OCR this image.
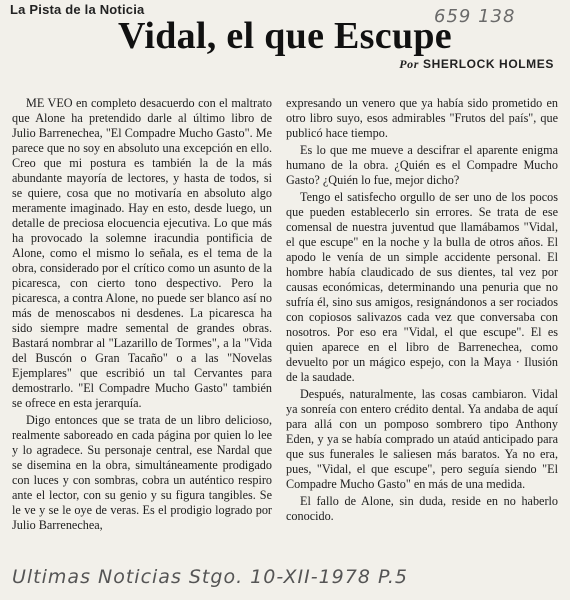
La Pista de la Noticia	659 138
Vidal, el que Escupe
Por SHERLOCK HOLMES

ME VEO en completo desacuerdo con el maltrato que Alone ha pretendido darle al último libro de Julio Barrenechea, "El Compadre Mucho Gasto". Me parece que no soy en absoluto una excepción en ello. Creo que mi postura es también la de la más abundante mayoría de lectores, y hasta de todos, si se quiere, cosa que no motivaría en absoluto algo meramente imaginado. Hay en esto, desde luego, un detalle de preciosa elocuencia ejecutiva. Lo que más ha provocado la solemne iracundia pontificia de Alone, como el mismo lo señala, es el tema de la obra, considerado por el crítico como un asunto de la picaresca, con cierto tono despectivo. Pero la picaresca, a contra Alone, no puede ser blanco así no más de menoscabos ni desdenes. La picaresca ha sido siempre madre semental de grandes obras. Bastará nombrar al "Lazarillo de Tormes", a la "Vida del Buscón o Gran Tacaño" o a las "Novelas Ejemplares" que escribió un tal Cervantes para demostrarlo. "El Compadre Mucho Gasto" también se ofrece en esta jerarquía.

Digo entonces que se trata de un libro delicioso, realmente saboreado en cada página por quien lo lee y lo agradece. Su personaje central, ese Nardal que se disemina en la obra, simultáneamente prodigado con luces y con sombras, cobra un auténtico respiro ante el lector, con su genio y su figura tangibles. Se le ve y se le oye de veras. Es el prodigio logrado por Julio Barrenechea,

expresando un venero que ya había sido prometido en otro libro suyo, esos admirables "Frutos del país", que publicó hace tiempo.

Es lo que me mueve a descifrar el aparente enigma humano de la obra. ¿Quién es el Compadre Mucho Gasto? ¿Quién lo fue, mejor dicho?

Tengo el satisfecho orgullo de ser uno de los pocos que pueden establecerlo sin errores. Se trata de ese comensal de nuestra juventud que llamábamos "Vidal, el que escupe" en la noche y la bulla de otros años. El apodo le venía de un simple accidente personal. El hombre había claudicado de sus dientes, tal vez por causas económicas, determinando una penuria que no sufría él, sino sus amigos, resignándonos a ser rociados con copiosos salivazos cada vez que conversaba con nosotros. Por eso era "Vidal, el que escupe". El es quien aparece en el libro de Barrenechea, como devuelto por un mágico espejo, con la Maya · Ilusión de la saudade.

Después, naturalmente, las cosas cambiaron. Vidal ya sonreía con entero crédito dental. Ya andaba de aquí para allá con un pomposo sombrero tipo Anthony Eden, y ya se había comprado un ataúd anticipado para que sus funerales le saliesen más baratos. Ya no era, pues, "Vidal, el que escupe", pero seguía siendo "El Compadre Mucho Gasto" en más de una medida.

El fallo de Alone, sin duda, reside en no haberlo conocido.

Ultimas Noticias Stgo. 10-XII-1978 P.5
